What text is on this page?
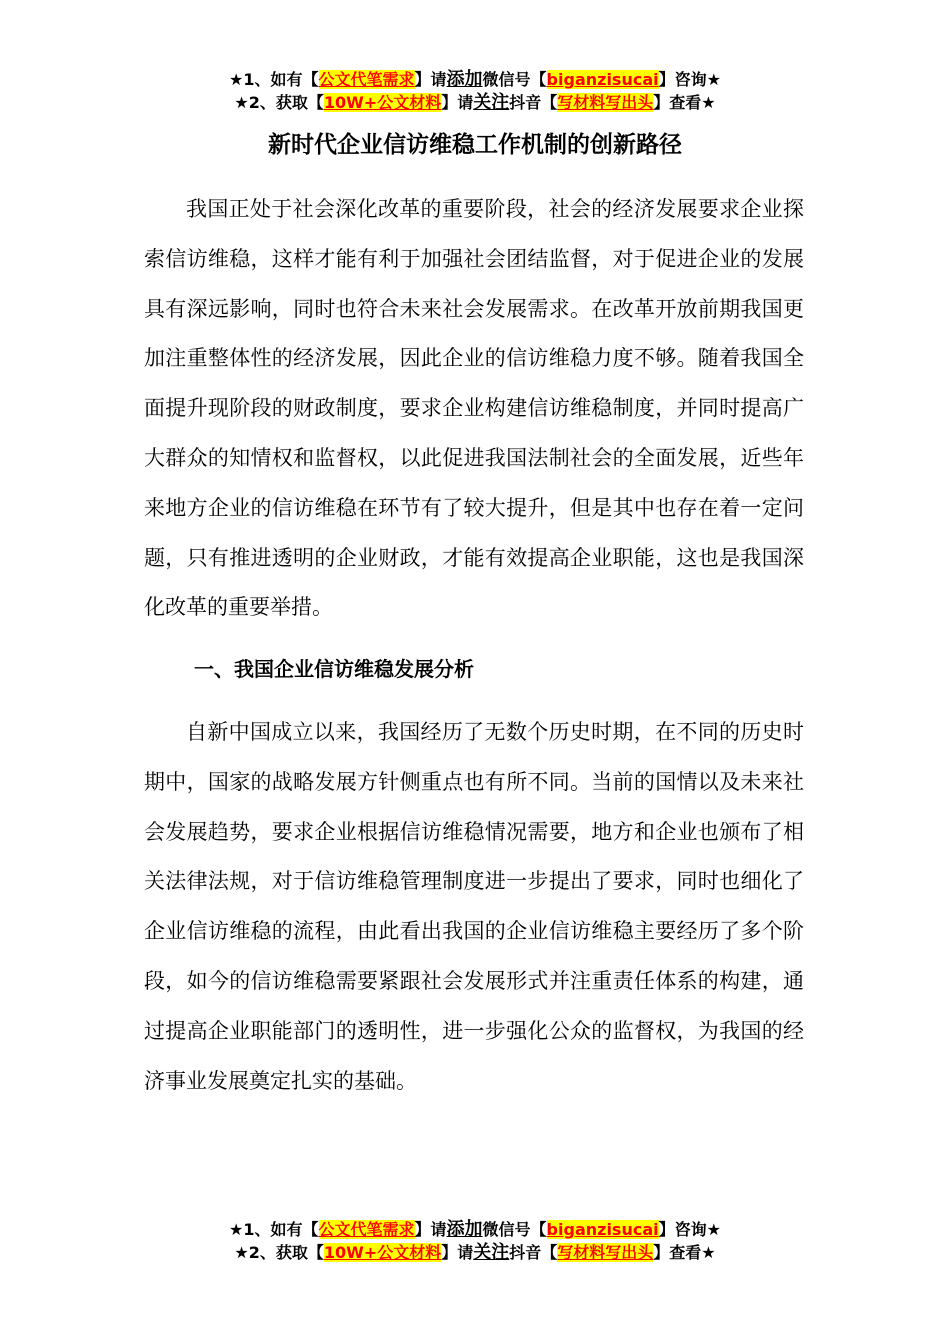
★1、如有【公文代笔需求】请添加微信号【biganzisucai】咨询★
★2、获取【10W+公文材料】请关注抖音【写材料写出头】查看★
新时代企业信访维稳工作机制的创新路径

我国正处于社会深化改革的重要阶段，社会的经济发展要求企业探索信访维稳，这样才能有利于加强社会团结监督，对于促进企业的发展具有深远影响，同时也符合未来社会发展需求。在改革开放前期我国更加注重整体性的经济发展，因此企业的信访维稳力度不够。随着我国全面提升现阶段的财政制度，要求企业构建信访维稳制度，并同时提高广大群众的知情权和监督权，以此促进我国法制社会的全面发展，近些年来地方企业的信访维稳在环节有了较大提升，但是其中也存在着一定问题，只有推进透明的企业财政，才能有效提高企业职能，这也是我国深化改革的重要举措。

一、我国企业信访维稳发展分析

自新中国成立以来，我国经历了无数个历史时期，在不同的历史时期中，国家的战略发展方针侧重点也有所不同。当前的国情以及未来社会发展趋势，要求企业根据信访维稳情况需要，地方和企业也颁布了相关法律法规，对于信访维稳管理制度进一步提出了要求，同时也细化了企业信访维稳的流程，由此看出我国的企业信访维稳主要经历了多个阶段，如今的信访维稳需要紧跟社会发展形式并注重责任体系的构建，通过提高企业职能部门的透明性，进一步强化公众的监督权，为我国的经济事业发展奠定扎实的基础。

★1、如有【公文代笔需求】请添加微信号【biganzisucai】咨询★
★2、获取【10W+公文材料】请关注抖音【写材料写出头】查看★
